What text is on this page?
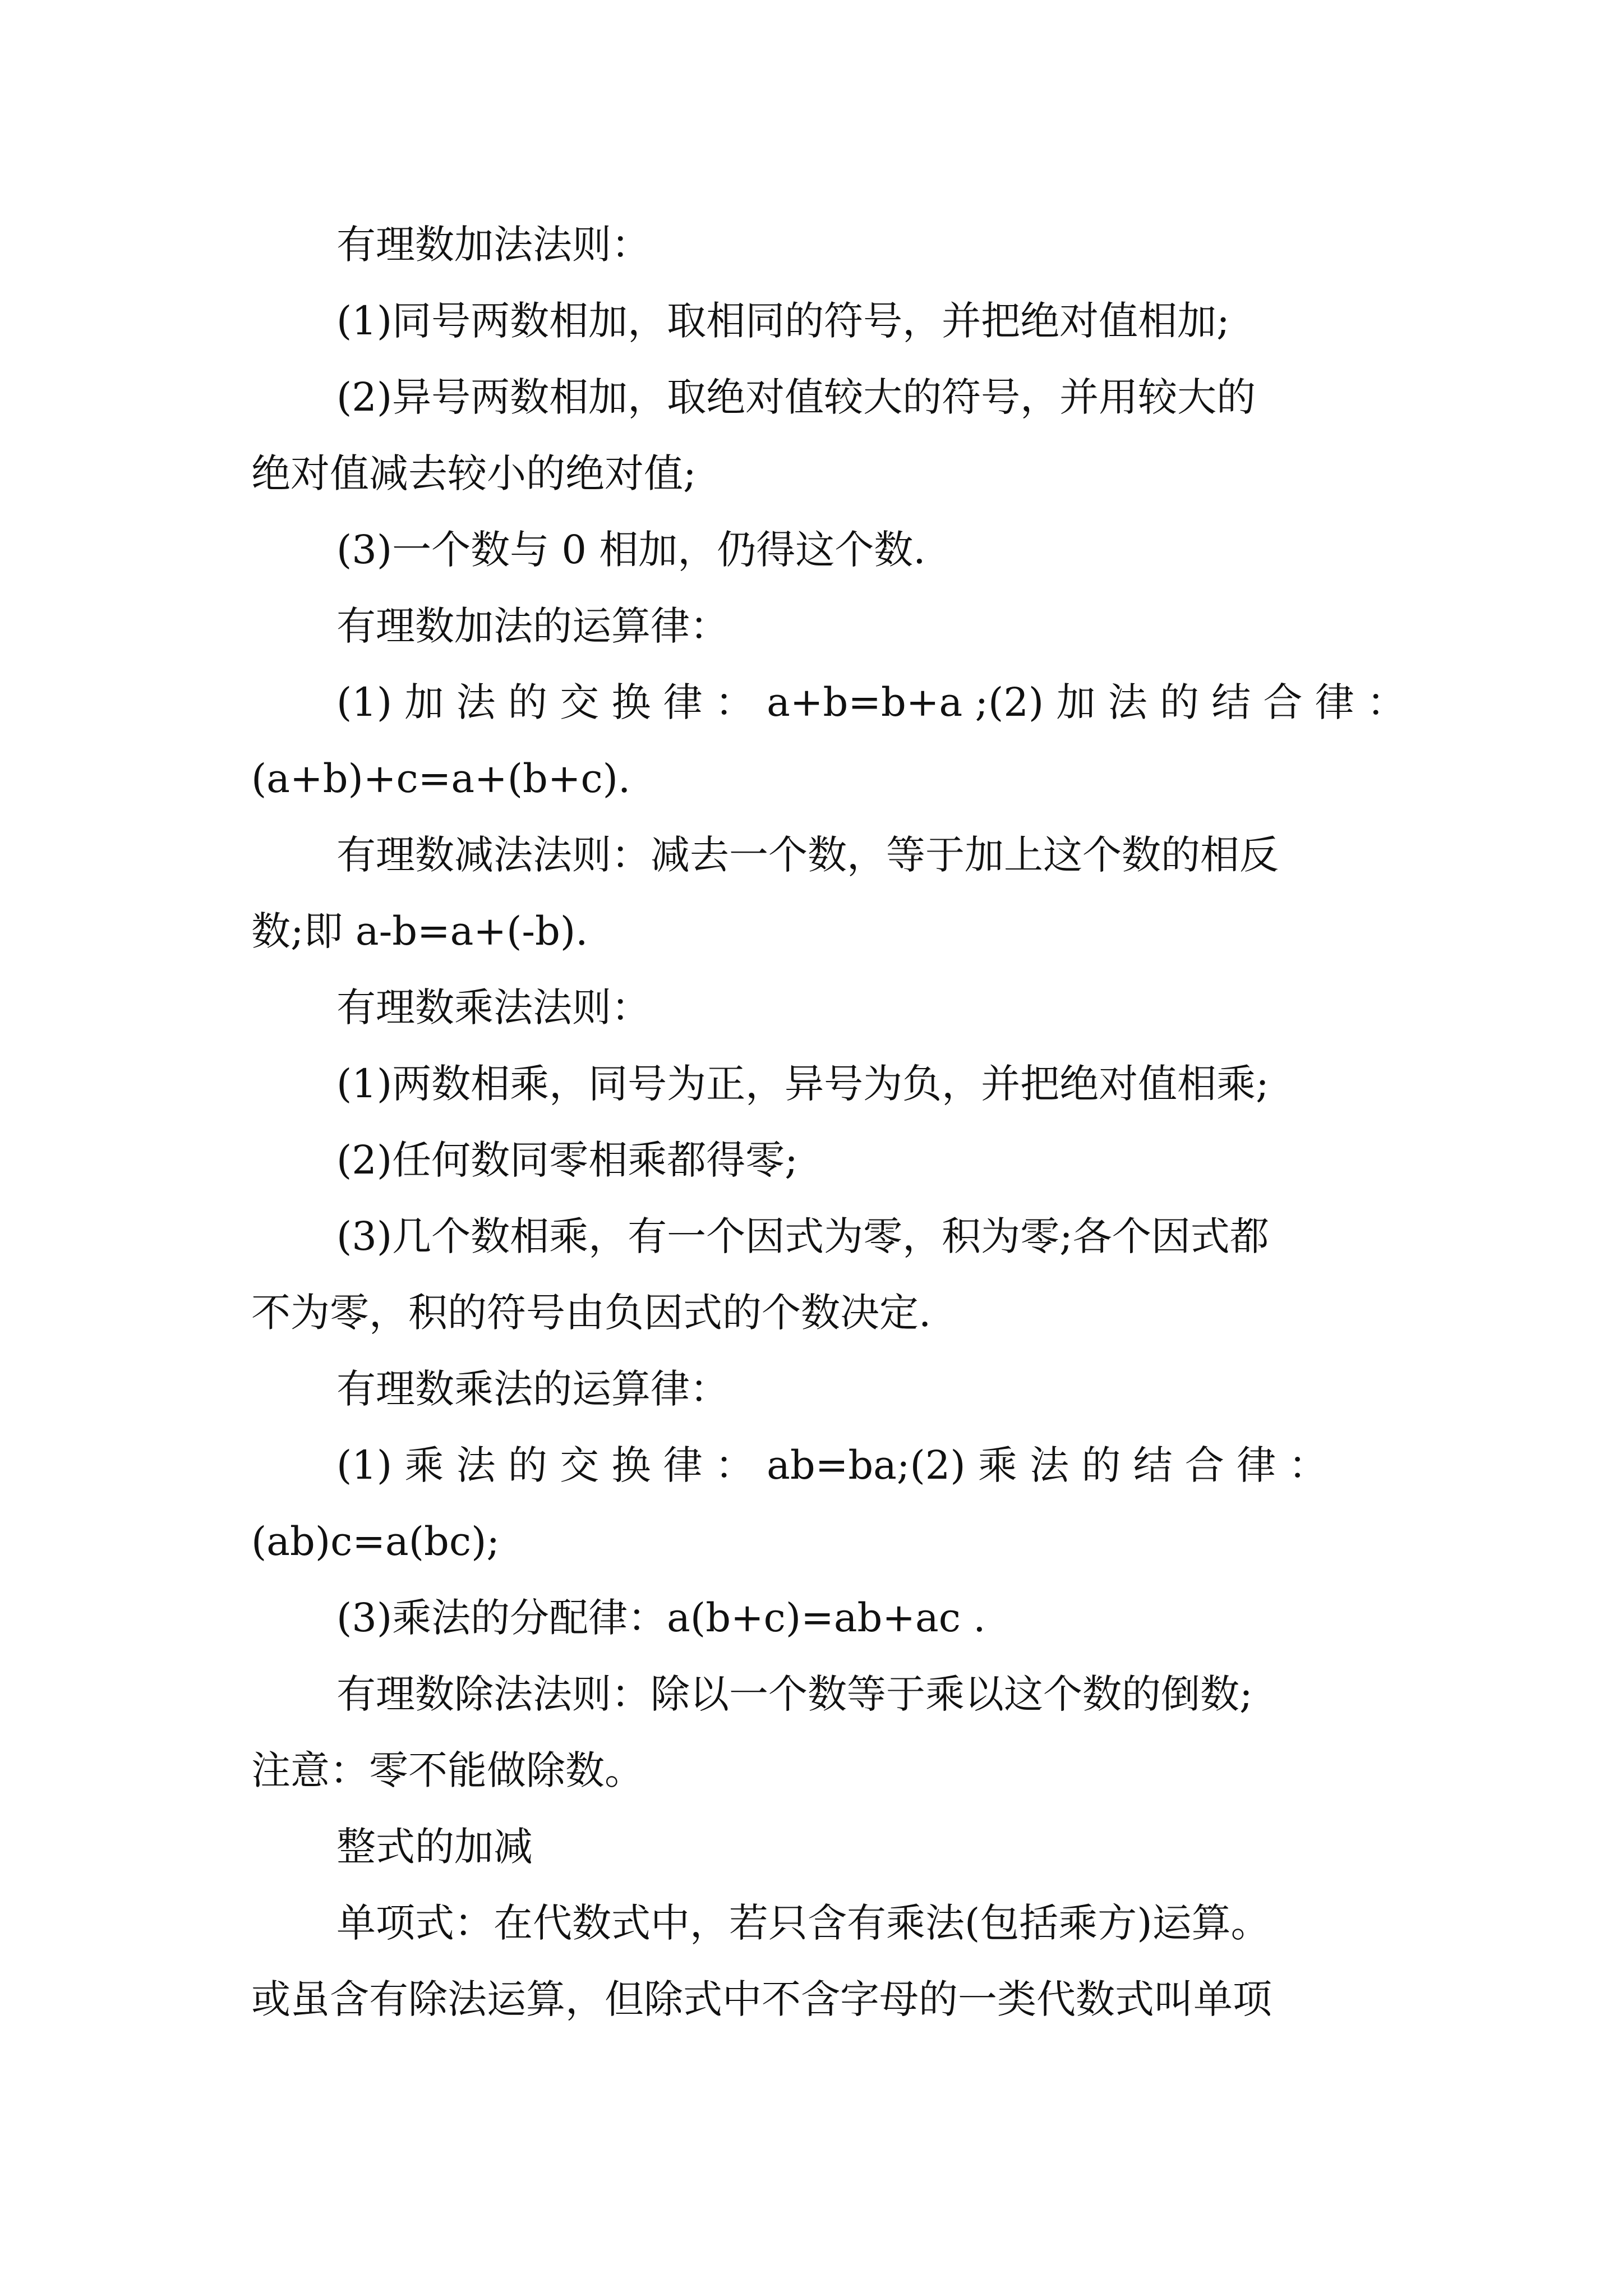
有理数加法法则：
(1)同号两数相加，取相同的符号，并把绝对值相加;
(2)异号两数相加，取绝对值较大的符号，并用较大的
绝对值减去较小的绝对值;
(3)一个数与 0 相加，仍得这个数.
有理数加法的运算律：
(1) 加 法 的 交 换 律 ： a+b=b+a ;(2) 加 法 的 结 合 律 ：
(a+b)+c=a+(b+c).
有理数减法法则：减去一个数，等于加上这个数的相反
数;即 a-b=a+(-b).
有理数乘法法则：
(1)两数相乘，同号为正，异号为负，并把绝对值相乘;
(2)任何数同零相乘都得零;
(3)几个数相乘，有一个因式为零，积为零;各个因式都
不为零，积的符号由负因式的个数决定.
有理数乘法的运算律：
(1) 乘 法 的 交 换 律 ： ab=ba;(2) 乘 法 的 结 合 律 ：
(ab)c=a(bc);
(3)乘法的分配律：a(b+c)=ab+ac .
有理数除法法则：除以一个数等于乘以这个数的倒数;
注意：零不能做除数。
整式的加减
单项式：在代数式中，若只含有乘法(包括乘方)运算。
或虽含有除法运算，但除式中不含字母的一类代数式叫单项
